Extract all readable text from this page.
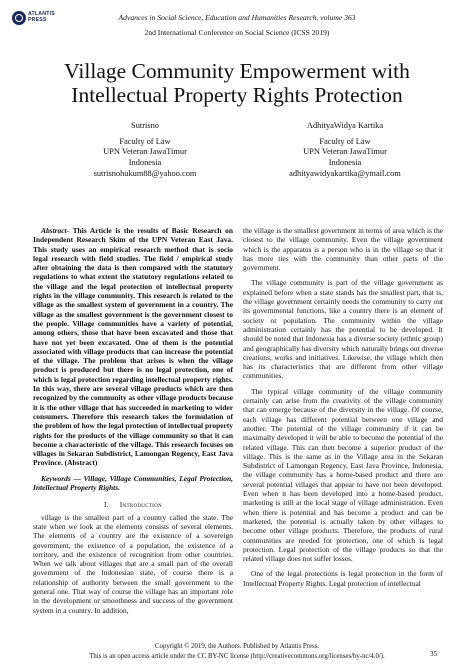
ATLANTIS
PRESS	Advances in Social Science, Education and Humanities Research, volume 363
2nd International Conference on Social Science (ICSS 2019)
Village Community Empowerment with
Intellectual Property Rights Protection
Sutrisno
Faculty of Law
UPN Veteran JawaTimur
Indonesia
sutrisnohukum88@yahoo.com
AdhityaWidya Kartika
Faculty of Law
UPN Veteran JawaTimur
Indonesia
adhityawidyakartika@ymail.com

Abstract- This Article is the results of Basic Research on Independent Research Skim of the UPN Veteran East Java. This study uses an empirical research method that is socio legal research with field studies. The field / empirical study after obtaining the data is then compared with the statutory regulations to what extent the statutory regulations related to the village and the legal protection of intellectual property rights in the village community. This research is related to the village as the smallest system of government in a country. The village as the smallest government is the government closest to the people. Village communities have a variety of potential, among others, those that have been excavated and those that have not yet been excavated. One of them is the potential associated with village products that can increase the potential of the village. The problem that arises is when the village product is produced but there is no legal protection, one of which is legal protection regarding intellectual property rights. In this way, there are several village products which are then recognized by the community as other village products because it is the other village that has succeeded in marketing to wider consumers. Therefore this research takes the formulation of the problem of how the legal protection of intellectual property rights for the products of the village community so that it can become a characteristic of the village. This research focuses on villages in Sekaran Subdistrict, Lamongan Regency, East Java Province. (Abstract)

Keywords — Village, Village Communities, Legal Protection, Intellectual Property Rights.

I. Introduction

village is the smallest part of a country called the state. The state when we look at the elements consists of several elements. The elements of a country are the existence of a sovereign government, the existence of a population, the existence of a territory, and the existence of recognition from other countries. When we talk about villages that are a small part of the overall government of the Indonesian state, of course there is a relationship of authority between the small government to the general one. That way of course the village has an important role in the development or smoothness and success of the government system in a country. In addition,

the village is the smallest government in terms of area which is the closest to the village community. Even the village government which is the apparatus is a person who is in the village so that it has more ties with the community than other parts of the government.

The village community is part of the village government as explained before when a state stands has the smallest part, that is, the village government certainly needs the community to carry out its governmental functions, like a country there is an element of society or population. The community within the village administration certainly has the potential to be developed. It should be noted that Indonesia has a diverse society (ethnic group) and geographically has diversity which naturally brings out diverse creations, works and initiatives. Likewise, the village which then has its characteristics that are different from other village communities.

The typical village community of the village community certainly can arise from the creativity of the village community that can emerge because of the diversity in the village. Of course, each village has different potential between one village and another. The potential of the village community if it can be maximally developed it will be able to become the potential of the related village. This can then become a superior product of the village. This is the same as in the Village area in the Sekaran Subdistrict of Lamongan Regency, East Java Province, Indonesia, the village community has a home-based product and there are several potential villages that appear to have not been developed. Even when it has been developed into a home-based product, marketing is still at the local stage of village administration. Even when there is potential and has become a product and can be marketed, the potential is actually taken by other villages to become other village products. Therefore, the products of rural communities are needed for protection, one of which is legal protection. Legal protection of the village products so that the related village does not suffer losses.

One of the legal protections is legal protection in the form of Intellectual Property Rights. Legal protection of intellectual

Copyright © 2019, the Authors. Published by Atlantis Press.
This is an open access article under the CC BY-NC license (http://creativecommons.org/licenses/by-nc/4.0/).	35
